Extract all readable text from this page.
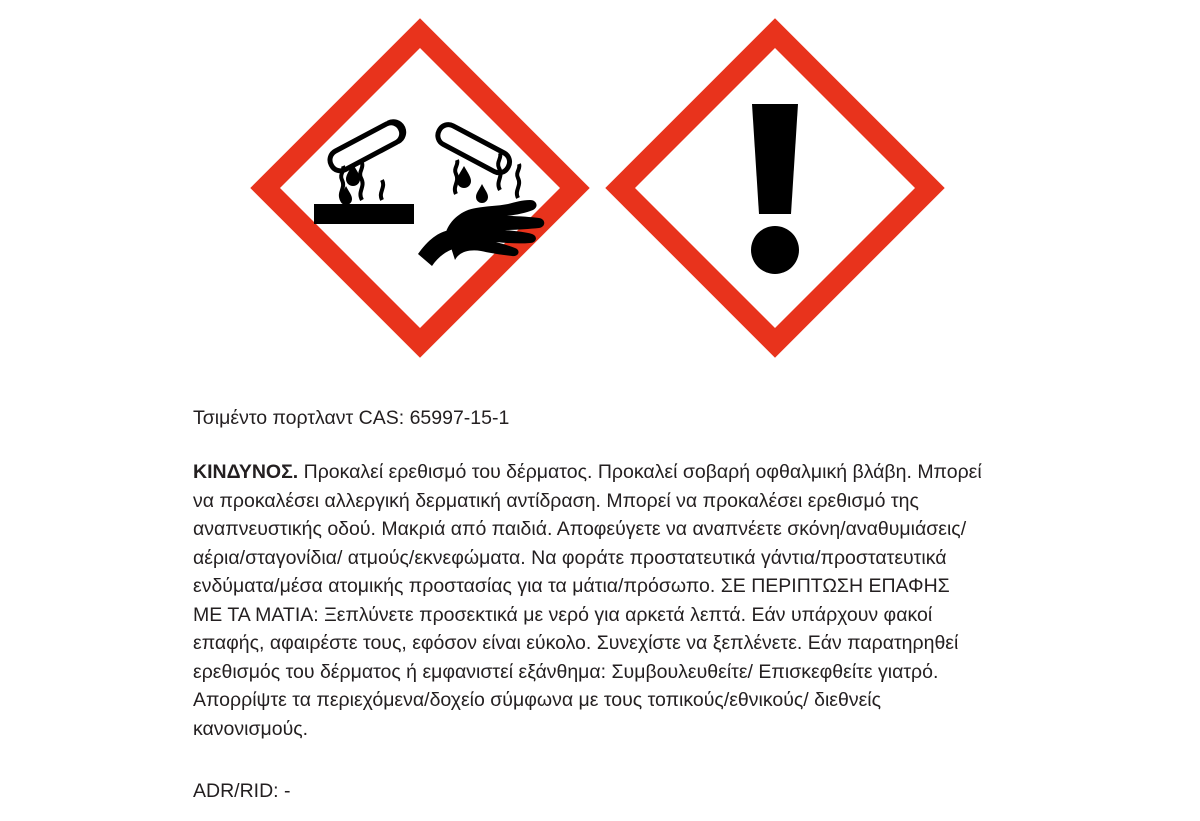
Τσιμέντο πορτλαντ CAS: 65997-15-1

ΚΙΝΔΥΝΟΣ. Προκαλεί ερεθισμό του δέρματος. Προκαλεί σοβαρή οφθαλμική βλάβη. Μπορεί να προκαλέσει αλλεργική δερματική αντίδραση. Μπορεί να προκαλέσει ερεθισμό της αναπνευστικής οδού. Μακριά από παιδιά. Αποφεύγετε να αναπνέετε σκόνη/αναθυμιάσεις/αέρια/σταγονίδια/ ατμούς/εκνεφώματα. Να φοράτε προστατευτικά γάντια/προστατευτικά ενδύματα/μέσα ατομικής προστασίας για τα μάτια/πρόσωπο. ΣΕ ΠΕΡΙΠΤΩΣΗ ΕΠΑΦΗΣ ΜΕ ΤΑ ΜΑΤΙΑ: Ξεπλύνετε προσεκτικά με νερό για αρκετά λεπτά. Εάν υπάρχουν φακοί επαφής, αφαιρέστε τους, εφόσον είναι εύκολο. Συνεχίστε να ξεπλένετε. Εάν παρατηρηθεί ερεθισμός του δέρματος ή εμφανιστεί εξάνθημα: Συμβουλευθείτε/ Επισκεφθείτε γιατρό. Απορρίψτε τα περιεχόμενα/δοχείο σύμφωνα με τους τοπικούς/εθνικούς/ διεθνείς κανονισμούς.

ADR/RID: -
